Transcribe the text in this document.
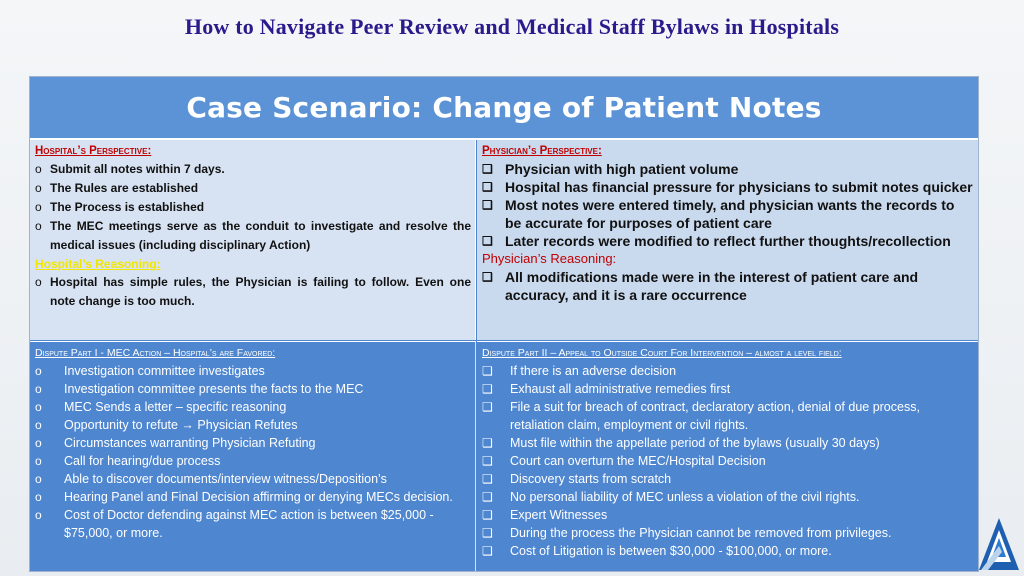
How to Navigate Peer Review and Medical Staff Bylaws in Hospitals
Case Scenario: Change of Patient Notes
Hospital’s Perspective:
o Submit all notes within 7 days.
o The Rules are established
o The Process is established
o The MEC meetings serve as the conduit to investigate and resolve the medical issues (including disciplinary Action)
Hospital’s Reasoning:
o Hospital has simple rules, the Physician is failing to follow. Even one note change is too much.
Physician’s Perspective:
❑ Physician with high patient volume
❑ Hospital has financial pressure for physicians to submit notes quicker
❑ Most notes were entered timely, and physician wants the records to be accurate for purposes of patient care
❑ Later records were modified to reflect further thoughts/recollection
Physician’s Reasoning:
❑ All modifications made were in the interest of patient care and accuracy, and it is a rare occurrence
Dispute Part I - MEC Action – Hospital’s are Favored:
o Investigation committee investigates
o Investigation committee presents the facts to the MEC
o MEC Sends a letter – specific reasoning
o Opportunity to refute → Physician Refutes
o Circumstances warranting Physician Refuting
o Call for hearing/due process
o Able to discover documents/interview witness/Deposition’s
o Hearing Panel and Final Decision affirming or denying MECs decision.
o Cost of Doctor defending against MEC action is between $25,000 - $75,000, or more.
Dispute Part II – Appeal to Outside Court For Intervention – almost a level field:
❑ If there is an adverse decision
❑ Exhaust all administrative remedies first
❑ File a suit for breach of contract, declaratory action, denial of due process, retaliation claim, employment or civil rights.
❑ Must file within the appellate period of the bylaws (usually 30 days)
❑ Court can overturn the MEC/Hospital Decision
❑ Discovery starts from scratch
❑ No personal liability of MEC unless a violation of the civil rights.
❑ Expert Witnesses
❑ During the process the Physician cannot be removed from privileges.
❑ Cost of Litigation is between $30,000 - $100,000, or more.
